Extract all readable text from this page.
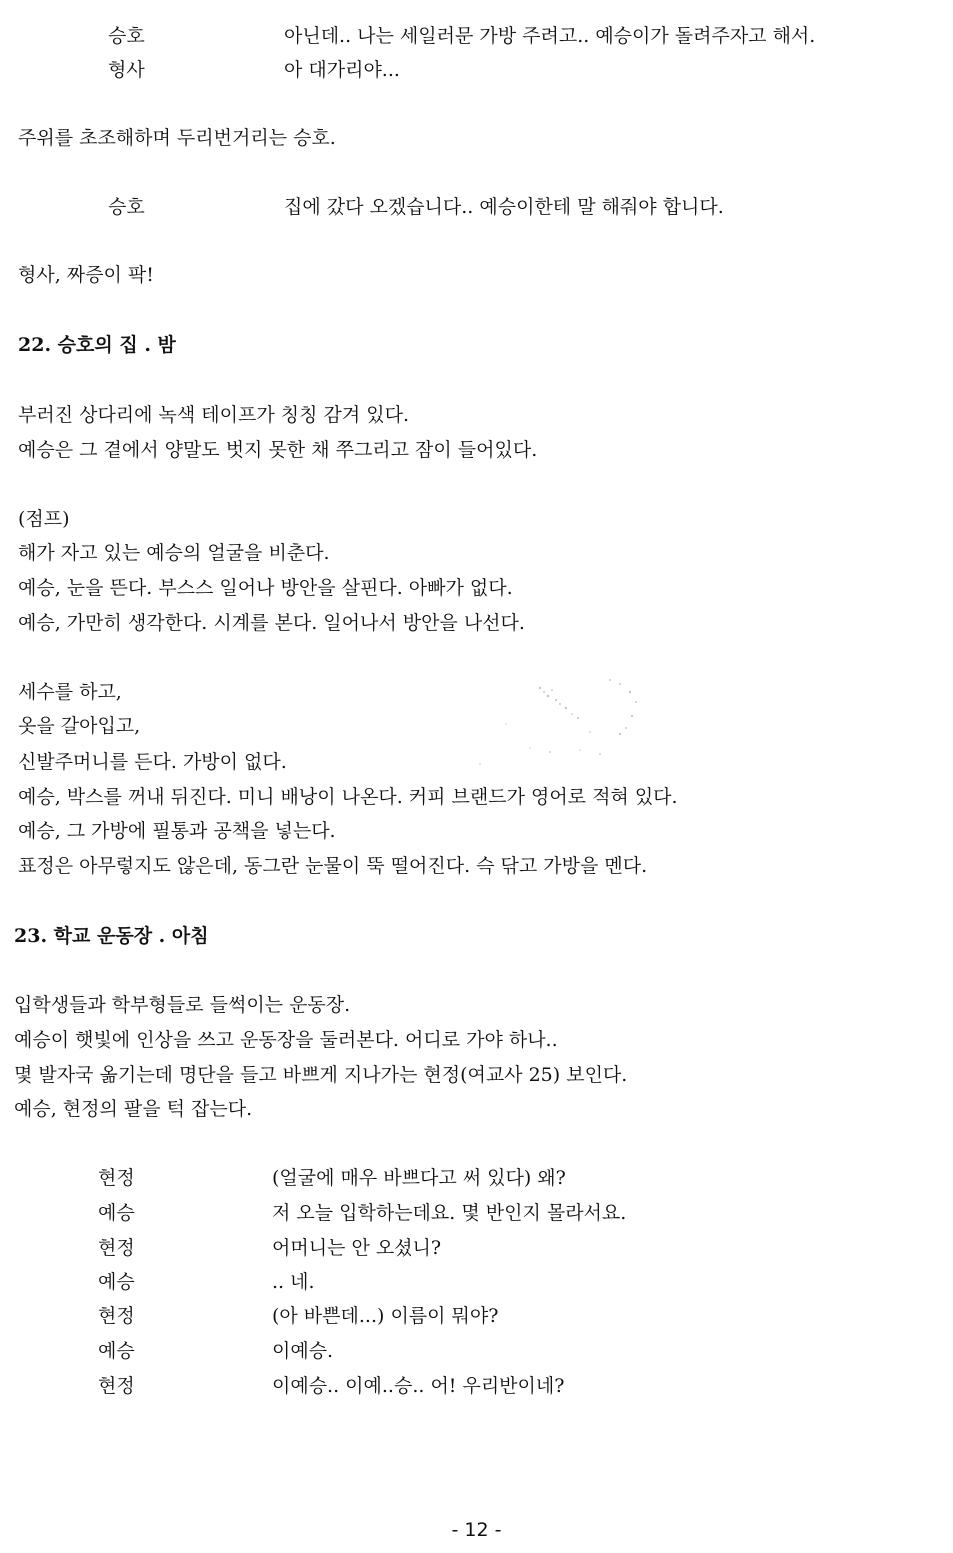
승호	아닌데.. 나는 세일러문 가방 주려고.. 예승이가 돌려주자고 해서.
형사	아 대가리야...
주위를 초조해하며 두리번거리는 승호.
승호	집에 갔다 오겠습니다.. 예승이한테 말 해줘야 합니다.
형사, 짜증이 팍!
22. 승호의 집 . 밤
부러진 상다리에 녹색 테이프가 칭칭 감겨 있다.
예승은 그 곁에서 양말도 벗지 못한 채 쭈그리고 잠이 들어있다.
(점프)
해가 자고 있는 예승의 얼굴을 비춘다.
예승, 눈을 뜬다. 부스스 일어나 방안을 살핀다. 아빠가 없다.
예승, 가만히 생각한다. 시계를 본다. 일어나서 방안을 나선다.
세수를 하고,
옷을 갈아입고,
신발주머니를 든다. 가방이 없다.
예승, 박스를 꺼내 뒤진다. 미니 배낭이 나온다. 커피 브랜드가 영어로 적혀 있다.
예승, 그 가방에 필통과 공책을 넣는다.
표정은 아무렇지도 않은데, 동그란 눈물이 뚝 떨어진다. 슥 닦고 가방을 멘다.
23. 학교 운동장 . 아침
입학생들과 학부형들로 들썩이는 운동장.
예승이 햇빛에 인상을 쓰고 운동장을 둘러본다. 어디로 가야 하나..
몇 발자국 옮기는데 명단을 들고 바쁘게 지나가는 현정(여교사 25) 보인다.
예승, 현정의 팔을 턱 잡는다.
현정	(얼굴에 매우 바쁘다고 써 있다) 왜?
예승	저 오늘 입학하는데요. 몇 반인지 몰라서요.
현정	어머니는 안 오셨니?
예승	.. 네.
현정	(아 바쁜데...) 이름이 뭐야?
예승	이예승.
현정	이예승.. 이예..승.. 어! 우리반이네?
- 12 -
